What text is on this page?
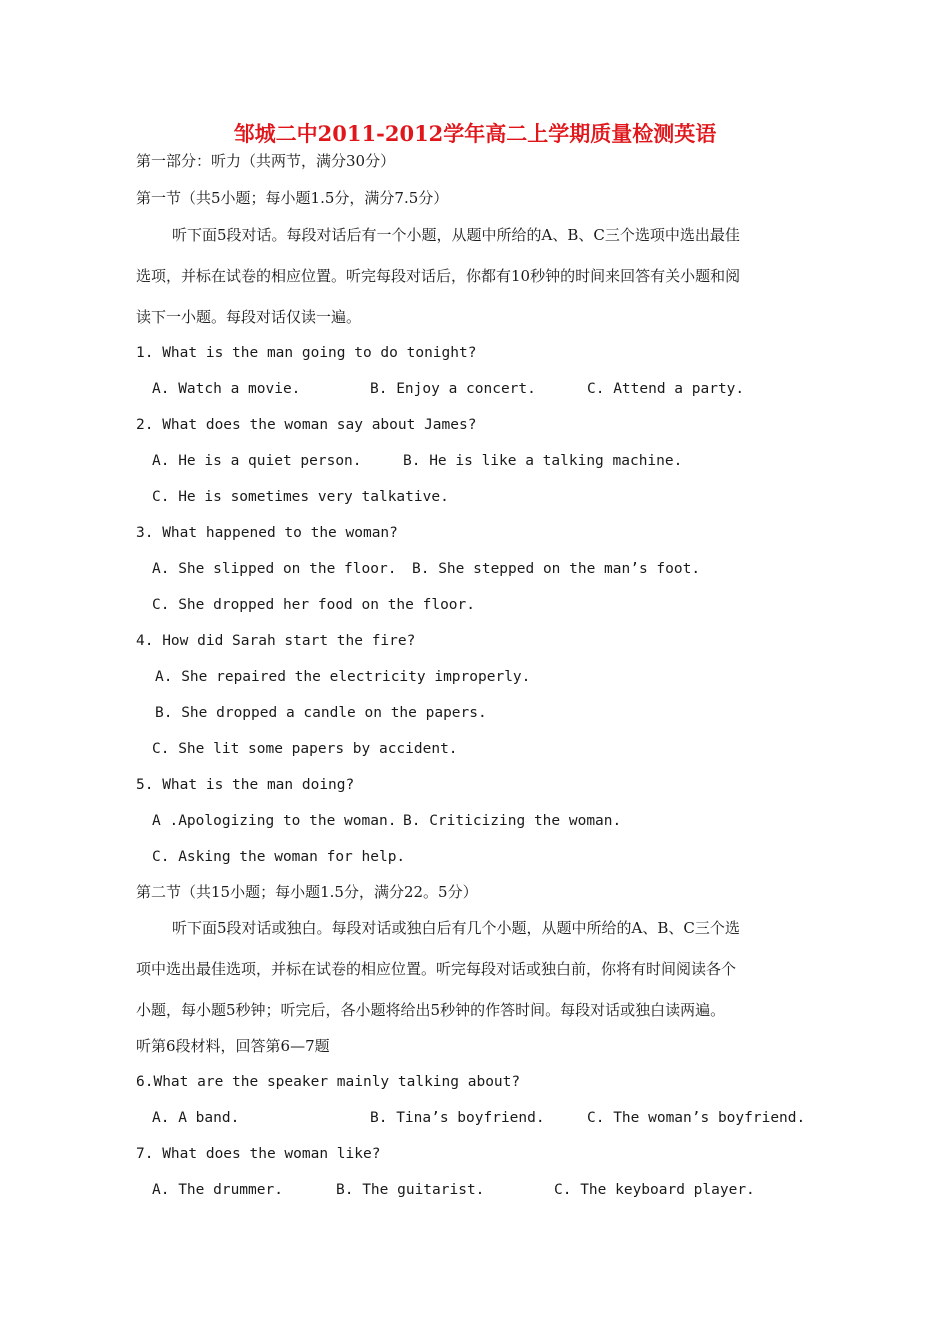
邹城二中2011-2012学年高二上学期质量检测英语
第一部分：听力（共两节，满分30分）
第一节（共5小题；每小题1.5分，满分7.5分）
听下面5段对话。每段对话后有一个小题，从题中所给的A、B、C三个选项中选出最佳
选项，并标在试卷的相应位置。听完每段对话后，你都有10秒钟的时间来回答有关小题和阅
读下一小题。每段对话仅读一遍。
1. What is the man going to do tonight?
A. Watch a movie.	B. Enjoy a concert.	C. Attend a party.
2. What does the woman say about James?
A. He is a quiet person.	B. He is like a talking machine.
C. He is sometimes very talkative.
3. What happened to the woman?
A. She slipped on the floor. B. She stepped on the man’s foot.
C. She dropped her food on the floor.
4. How did Sarah start the fire?
A. She repaired the electricity improperly.
B. She dropped a candle on the papers.
C. She lit some papers by accident.
5. What is the man doing?
A .Apologizing to the woman. B. Criticizing the woman.
C. Asking the woman for help.
第二节（共15小题；每小题1.5分，满分22。5分）
听下面5段对话或独白。每段对话或独白后有几个小题，从题中所给的A、B、C三个选
项中选出最佳选项，并标在试卷的相应位置。听完每段对话或独白前，你将有时间阅读各个
小题，每小题5秒钟；听完后，各小题将给出5秒钟的作答时间。每段对话或独白读两遍。
听第6段材料，回答第6—7题
6.What are the speaker mainly talking about?
A. A band.	B. Tina’s boyfriend.	C. The woman’s boyfriend.
7. What does the woman like?
A. The drummer.	B. The guitarist.	C. The keyboard player.
